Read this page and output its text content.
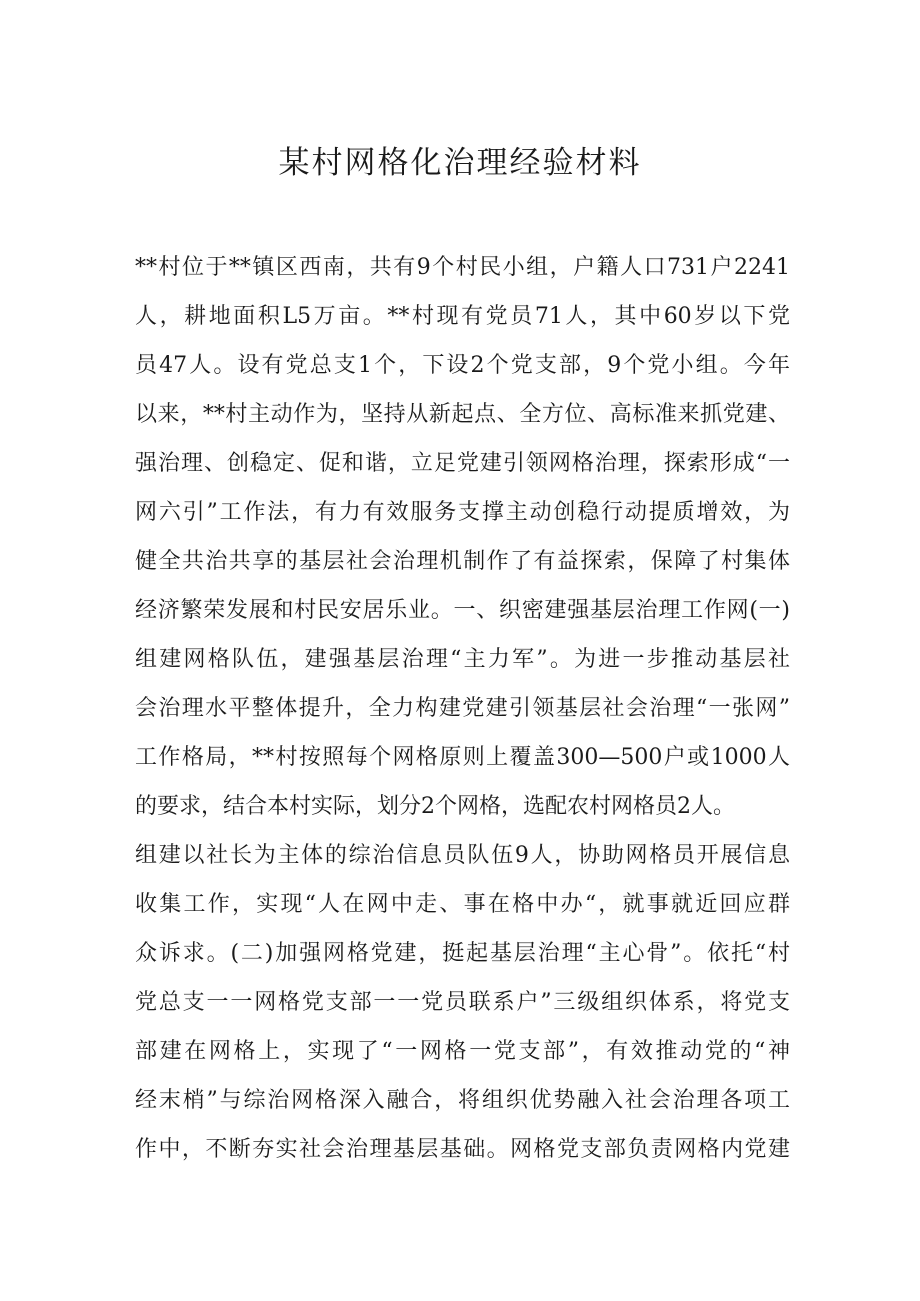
某村网格化治理经验材料
**村位于**镇区西南，共有9个村民小组，户籍人口731户2241
人，耕地面积L5万亩。**村现有党员71人，其中60岁以下党
员47人。设有党总支1个，下设2个党支部，9个党小组。今年
以来，**村主动作为，坚持从新起点、全方位、高标准来抓党建、
强治理、创稳定、促和谐，立足党建引领网格治理，探索形成“一
网六引”工作法，有力有效服务支撑主动创稳行动提质增效，为
健全共治共享的基层社会治理机制作了有益探索，保障了村集体
经济繁荣发展和村民安居乐业。一、织密建强基层治理工作网(一)
组建网格队伍，建强基层治理“主力军”。为进一步推动基层社
会治理水平整体提升，全力构建党建引领基层社会治理“一张网”
工作格局，**村按照每个网格原则上覆盖300—500户或1000人
的要求，结合本村实际，划分2个网格，选配农村网格员2人。
组建以社长为主体的综治信息员队伍9人，协助网格员开展信息
收集工作，实现“人在网中走、事在格中办“，就事就近回应群
众诉求。(二)加强网格党建，挺起基层治理“主心骨”。依托“村
党总支一一网格党支部一一党员联系户”三级组织体系，将党支
部建在网格上，实现了“一网格一党支部”，有效推动党的“神
经末梢”与综治网格深入融合，将组织优势融入社会治理各项工
作中，不断夯实社会治理基层基础。网格党支部负责网格内党建
